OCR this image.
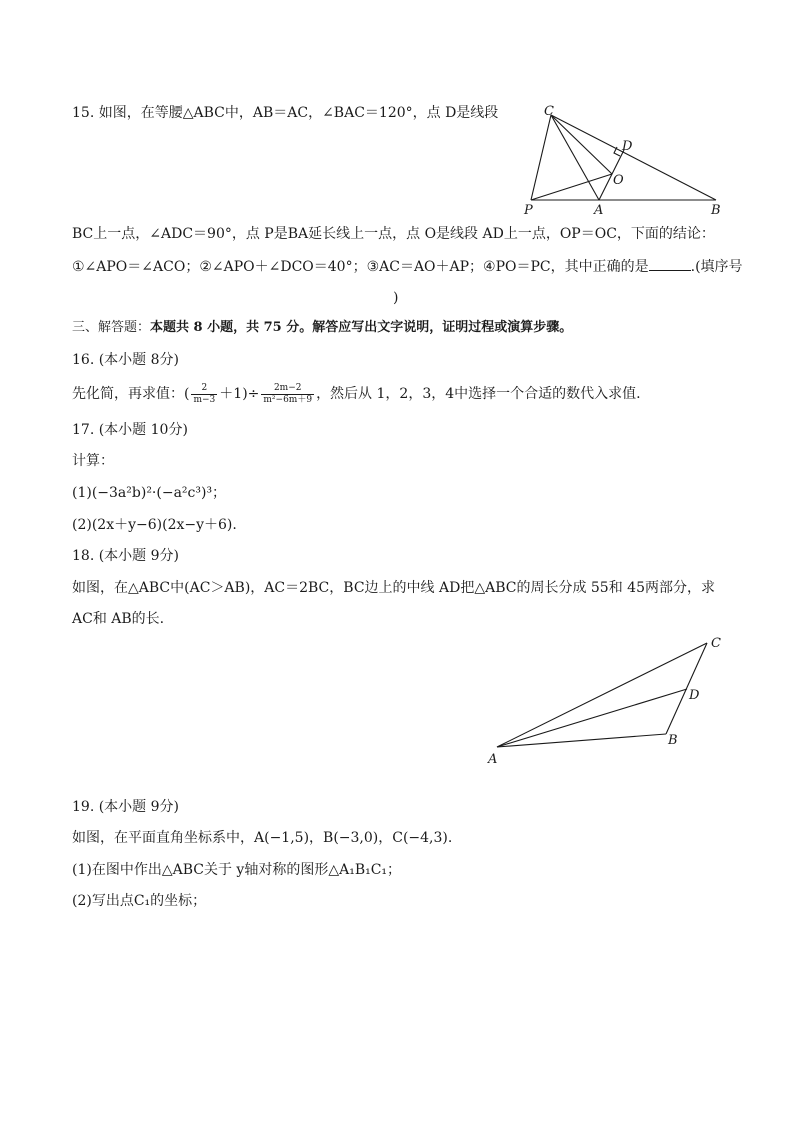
15. 如图，在等腰△ABC中，AB＝AC，∠BAC＝120°，点 D是线段	C
D
O
P	A	B
BC上一点，∠ADC＝90°，点 P是BA延长线上一点，点 O是线段 AD上一点，OP＝OC，下面的结论：
①∠APO＝∠ACO；②∠APO＋∠DCO＝40°；③AC＝AO＋AP；④PO＝PC，其中正确的是	.(填序号
)
三、解答题：本题共 8 小题，共 75 分。解答应写出文字说明，证明过程或演算步骤。
16. (本小题 8分)
先化简，再求值：( $\frac{2}{m-3} +1)\div \frac{2m-2}{\text{m²−6m＋9}}$ ，然后从 1，2，3，4中选择一个合适的数代入求值.
17. (本小题 10分)
计算：
(1)(−3a²b)²·(−a²c³)³；
(2)(2x＋y−6)(2x−y＋6).
18. (本小题 9分)
如图，在△ABC中(AC＞AB)，AC＝2BC，BC边上的中线 AD把△ABC的周长分成 55和 45两部分，求
AC和 AB的长.
C
D
B
A
19. (本小题 9分)
如图，在平面直角坐标系中，A(−1,5)，B(−3,0)，C(−4,3).
(1)在图中作出△ABC关于 y轴对称的图形△A₁B₁C₁；
(2)写出点C₁的坐标；
